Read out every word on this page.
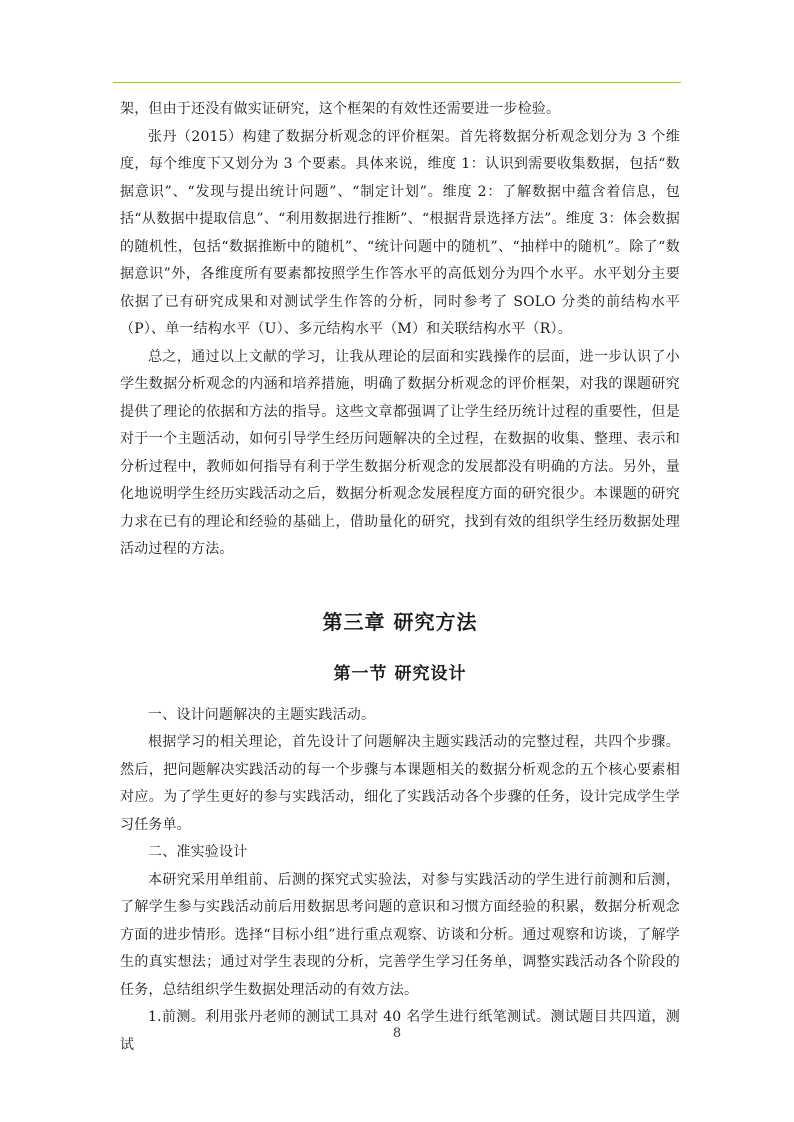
架，但由于还没有做实证研究，这个框架的有效性还需要进一步检验。

张丹（2015）构建了数据分析观念的评价框架。首先将数据分析观念划分为 3 个维度，每个维度下又划分为 3 个要素。具体来说，维度 1：认识到需要收集数据，包括“数据意识”、“发现与提出统计问题”、“制定计划”。维度 2：了解数据中蕴含着信息，包括“从数据中提取信息”、“利用数据进行推断”、“根据背景选择方法”。维度 3：体会数据的随机性，包括“数据推断中的随机”、“统计问题中的随机”、“抽样中的随机”。除了“数据意识”外，各维度所有要素都按照学生作答水平的高低划分为四个水平。水平划分主要依据了已有研究成果和对测试学生作答的分析，同时参考了 SOLO 分类的前结构水平（P）、单一结构水平（U）、多元结构水平（M）和关联结构水平（R）。

总之，通过以上文献的学习，让我从理论的层面和实践操作的层面，进一步认识了小学生数据分析观念的内涵和培养措施，明确了数据分析观念的评价框架，对我的课题研究提供了理论的依据和方法的指导。这些文章都强调了让学生经历统计过程的重要性，但是对于一个主题活动，如何引导学生经历问题解决的全过程，在数据的收集、整理、表示和分析过程中，教师如何指导有利于学生数据分析观念的发展都没有明确的方法。另外，量化地说明学生经历实践活动之后，数据分析观念发展程度方面的研究很少。本课题的研究力求在已有的理论和经验的基础上，借助量化的研究，找到有效的组织学生经历数据处理活动过程的方法。

第三章 研究方法
第一节 研究设计

一、设计问题解决的主题实践活动。

根据学习的相关理论，首先设计了问题解决主题实践活动的完整过程，共四个步骤。然后，把问题解决实践活动的每一个步骤与本课题相关的数据分析观念的五个核心要素相对应。为了学生更好的参与实践活动，细化了实践活动各个步骤的任务，设计完成学生学习任务单。

二、准实验设计

本研究采用单组前、后测的探究式实验法，对参与实践活动的学生进行前测和后测，了解学生参与实践活动前后用数据思考问题的意识和习惯方面经验的积累，数据分析观念方面的进步情形。选择“目标小组”进行重点观察、访谈和分析。通过观察和访谈，了解学生的真实想法；通过对学生表现的分析，完善学生学习任务单，调整实践活动各个阶段的任务，总结组织学生数据处理活动的有效方法。

1.前测。利用张丹老师的测试工具对 40 名学生进行纸笔测试。测试题目共四道，测试

8
